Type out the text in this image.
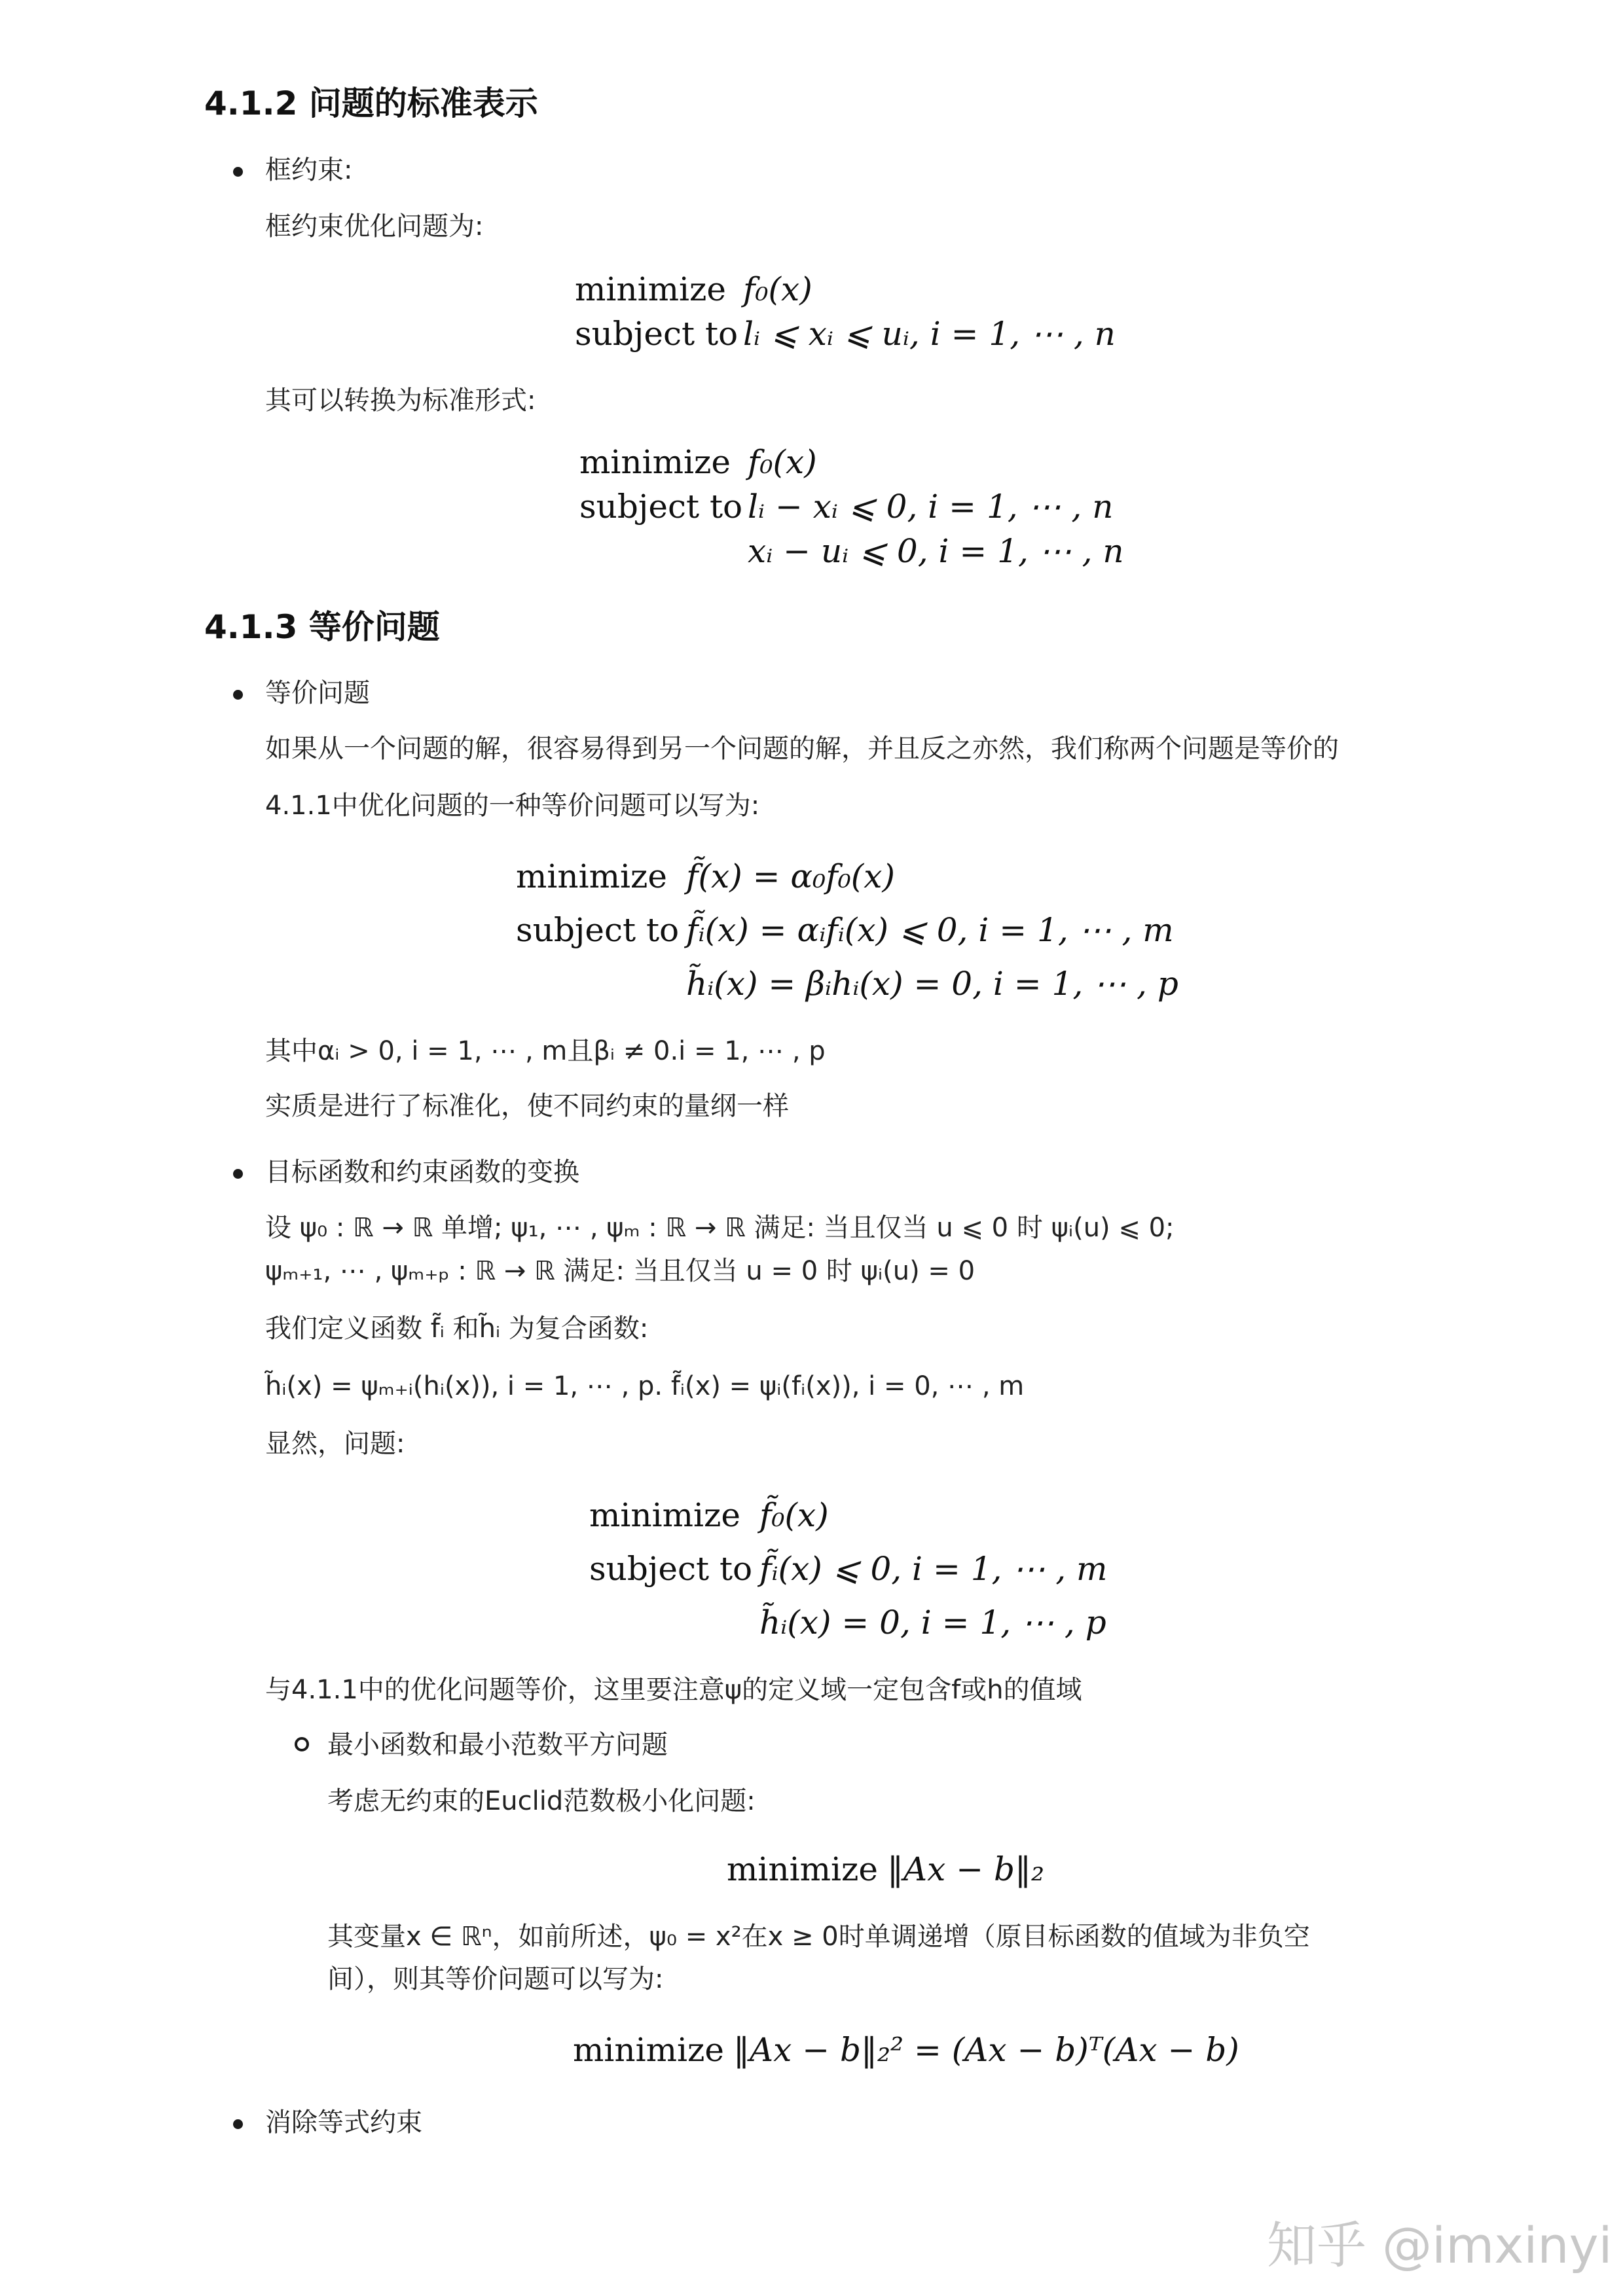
4.1.2 问题的标准表示
框约束:
框约束优化问题为:
minimize f₀(x)
subject to lᵢ ⩽ xᵢ ⩽ uᵢ, i = 1, ⋯ , n
其可以转换为标准形式:
minimize f₀(x)
subject to lᵢ − xᵢ ⩽ 0, i = 1, ⋯ , n
xᵢ − uᵢ ⩽ 0, i = 1, ⋯ , n
4.1.3 等价问题
等价问题
如果从一个问题的解，很容易得到另一个问题的解，并且反之亦然，我们称两个问题是等价的
4.1.1中优化问题的一种等价问题可以写为:
minimize f̃(x) = α₀f₀(x)
subject to f̃ᵢ(x) = αᵢfᵢ(x) ⩽ 0, i = 1, ⋯ , m
h̃ᵢ(x) = βᵢhᵢ(x) = 0, i = 1, ⋯ , p
其中αᵢ > 0, i = 1, ⋯ , m且βᵢ ≠ 0.i = 1, ⋯ , p
实质是进行了标准化，使不同约束的量纲一样
目标函数和约束函数的变换
设 ψ₀ : ℝ → ℝ 单增; ψ₁, ⋯ , ψₘ : ℝ → ℝ 满足: 当且仅当 u ⩽ 0 时 ψᵢ(u) ⩽ 0;
ψₘ₊₁, ⋯ , ψₘ₊ₚ : ℝ → ℝ 满足: 当且仅当 u = 0 时 ψᵢ(u) = 0
我们定义函数 f̃ᵢ 和h̃ᵢ 为复合函数:
h̃ᵢ(x) = ψₘ₊ᵢ(hᵢ(x)), i = 1, ⋯ , p. f̃ᵢ(x) = ψᵢ(fᵢ(x)), i = 0, ⋯ , m
显然，问题:
minimize f̃₀(x)
subject to f̃ᵢ(x) ⩽ 0, i = 1, ⋯ , m
h̃ᵢ(x) = 0, i = 1, ⋯ , p
与4.1.1中的优化问题等价，这里要注意ψ的定义域一定包含f或h的值域
最小函数和最小范数平方问题
考虑无约束的Euclid范数极小化问题:
minimize ‖Ax − b‖₂
其变量x ∈ ℝⁿ，如前所述，ψ₀ = x²在x ≥ 0时单调递增（原目标函数的值域为非负空
间），则其等价问题可以写为:
minimize ‖Ax − b‖₂² = (Ax − b)ᵀ(Ax − b)
消除等式约束
知乎 @imxinyi
